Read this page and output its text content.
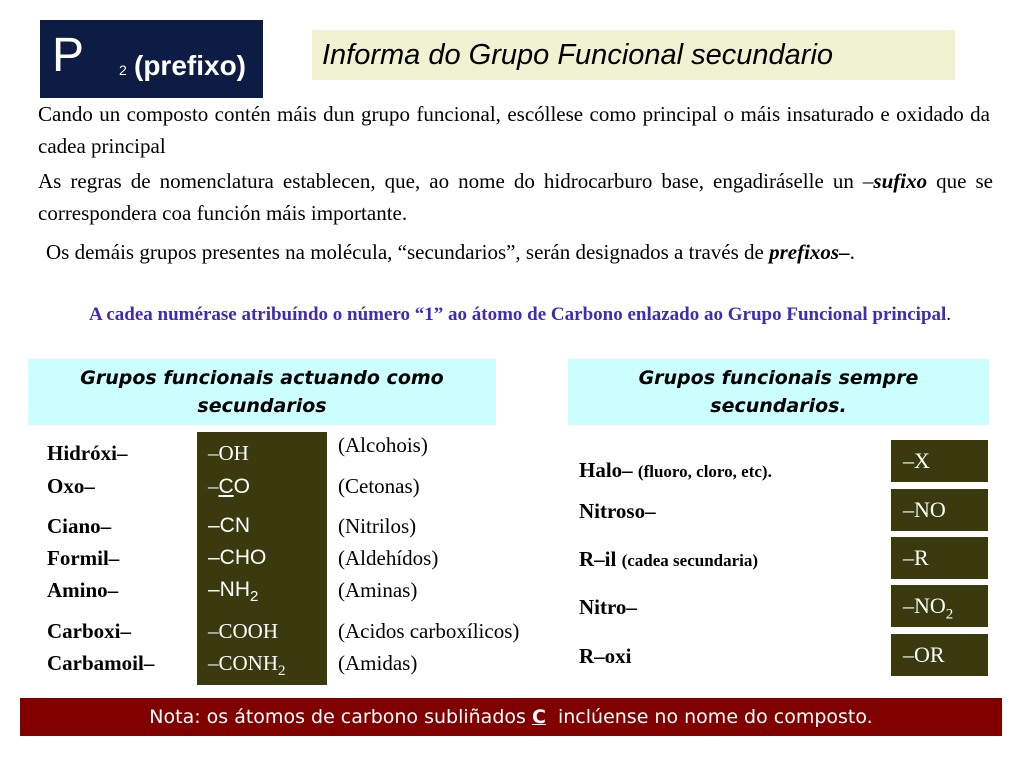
P 2 (prefixo)	Informa do Grupo Funcional secundario
Cando un composto contén máis dun grupo funcional, escóllese como principal o máis insaturado e oxidado da cadea principal
As regras de nomenclatura establecen, que, ao nome do hidrocarburo base, engadiráselle un –sufixo que se correspondera coa función máis importante.
Os demáis grupos presentes na molécula, “secundarios”, serán designados a través de prefixos–.
A cadea numérase atribuíndo o número “1” ao átomo de Carbono enlazado ao Grupo Funcional principal.
Grupos funcionais actuando como secundarios
Grupos funcionais sempre secundarios.
Hidróxi–	–OH	(Alcohois)
Oxo–	–CO	(Cetonas)
Ciano–	–CN	(Nitrilos)
Formil–	–CHO	(Aldehídos)
Amino–	$-NH_2$	(Aminas)
Carboxi–	–COOH	(Acidos carboxílicos)
Carbamoil–	$-CONH_2$ (Amidas)
Halo– (fluoro, cloro, etc).	–X
Nitroso–	–NO
R–il (cadea secundaria)	–R
Nitro–	$-NO_2$
R–oxi	–OR
Nota: os átomos de carbono subliñados C  inclúense no nome do composto.
